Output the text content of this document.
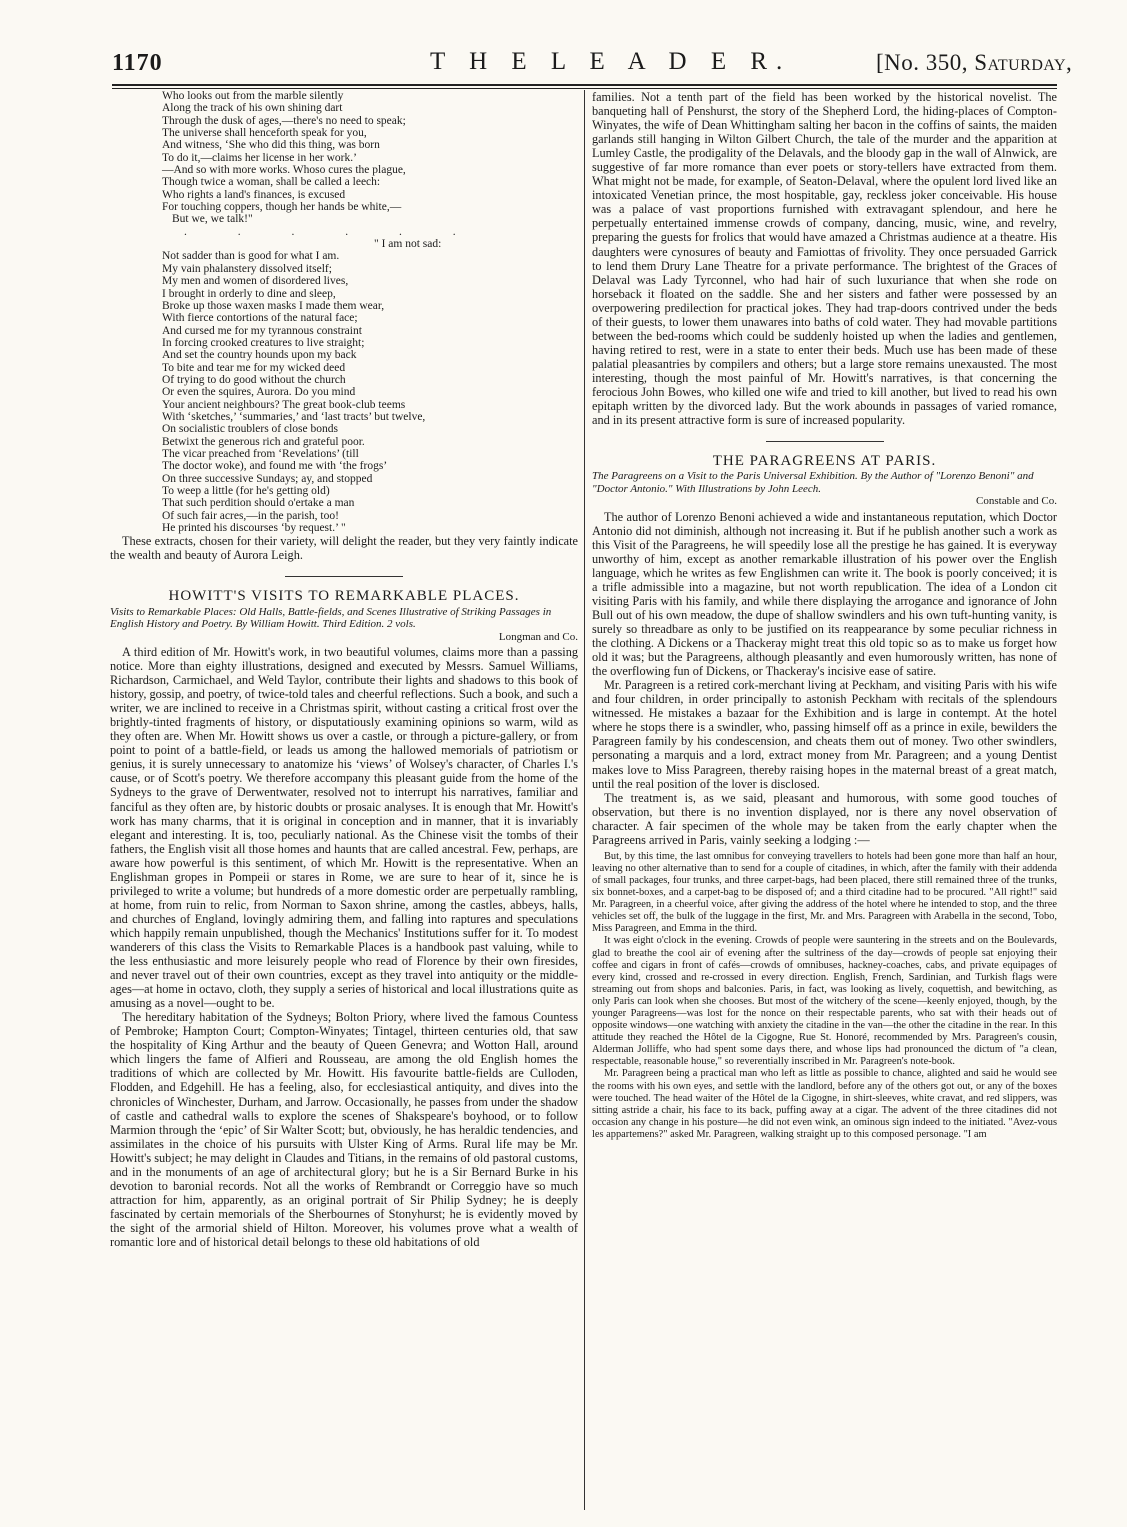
1170	T H E L E A D E R.	[No. 350, Saturday,
Who looks out from the marble silently
Along the track of his own shining dart
Through the dusk of ages,—there's no need to speak;
The universe shall henceforth speak for you,
And witness, ‘She who did this thing, was born
To do it,—claims her license in her work.’
—And so with more works. Whoso cures the plague,
Though twice a woman, shall be called a leech:
Who rights a land's finances, is excused
For touching coppers, though her hands be white,—
But we, we talk!"
. . . . . .
" I am not sad:
Not sadder than is good for what I am.
My vain phalanstery dissolved itself;
My men and women of disordered lives,
I brought in orderly to dine and sleep,
Broke up those waxen masks I made them wear,
With fierce contortions of the natural face;
And cursed me for my tyrannous constraint
In forcing crooked creatures to live straight;
And set the country hounds upon my back
To bite and tear me for my wicked deed
Of trying to do good without the church
Or even the squires, Aurora. Do you mind
Your ancient neighbours? The great book-club teems
With ‘sketches,’ ‘summaries,’ and ‘last tracts’ but twelve,
On socialistic troublers of close bonds
Betwixt the generous rich and grateful poor.
The vicar preached from ‘Revelations’ (till
The doctor woke), and found me with ‘the frogs’
On three successive Sundays; ay, and stopped
To weep a little (for he's getting old)
That such perdition should o'ertake a man
Of such fair acres,—in the parish, too!
He printed his discourses ‘by request.’ "

These extracts, chosen for their variety, will delight the reader, but they very faintly indicate the wealth and beauty of Aurora Leigh.

HOWITT'S VISITS TO REMARKABLE PLACES.
Visits to Remarkable Places: Old Halls, Battle-fields, and Scenes Illustrative of Striking Passages in English History and Poetry. By William Howitt. Third Edition. 2 vols.
Longman and Co.

A third edition of Mr. Howitt's work, in two beautiful volumes, claims more than a passing notice. More than eighty illustrations, designed and executed by Messrs. Samuel Williams, Richardson, Carmichael, and Weld Taylor, contribute their lights and shadows to this book of history, gossip, and poetry, of twice-told tales and cheerful reflections. Such a book, and such a writer, we are inclined to receive in a Christmas spirit, without casting a critical frost over the brightly-tinted fragments of history, or disputatiously examining opinions so warm, wild as they often are. When Mr. Howitt shows us over a castle, or through a picture-gallery, or from point to point of a battle-field, or leads us among the hallowed memorials of patriotism or genius, it is surely unnecessary to anatomize his ‘views’ of Wolsey's character, of Charles I.'s cause, or of Scott's poetry. We therefore accompany this pleasant guide from the home of the Sydneys to the grave of Derwentwater, resolved not to interrupt his narratives, familiar and fanciful as they often are, by historic doubts or prosaic analyses. It is enough that Mr. Howitt's work has many charms, that it is original in conception and in manner, that it is invariably elegant and interesting. It is, too, peculiarly national. As the Chinese visit the tombs of their fathers, the English visit all those homes and haunts that are called ancestral. Few, perhaps, are aware how powerful is this sentiment, of which Mr. Howitt is the representative. When an Englishman gropes in Pompeii or stares in Rome, we are sure to hear of it, since he is privileged to write a volume; but hundreds of a more domestic order are perpetually rambling, at home, from ruin to relic, from Norman to Saxon shrine, among the castles, abbeys, halls, and churches of England, lovingly admiring them, and falling into raptures and speculations which happily remain unpublished, though the Mechanics' Institutions suffer for it. To modest wanderers of this class the Visits to Remarkable Places is a handbook past valuing, while to the less enthusiastic and more leisurely people who read of Florence by their own firesides, and never travel out of their own countries, except as they travel into antiquity or the middle-ages—at home in octavo, cloth, they supply a series of historical and local illustrations quite as amusing as a novel—ought to be.

The hereditary habitation of the Sydneys; Bolton Priory, where lived the famous Countess of Pembroke; Hampton Court; Compton-Winyates; Tintagel, thirteen centuries old, that saw the hospitality of King Arthur and the beauty of Queen Genevra; and Wotton Hall, around which lingers the fame of Alfieri and Rousseau, are among the old English homes the traditions of which are collected by Mr. Howitt. His favourite battle-fields are Culloden, Flodden, and Edgehill. He has a feeling, also, for ecclesiastical antiquity, and dives into the chronicles of Winchester, Durham, and Jarrow. Occasionally, he passes from under the shadow of castle and cathedral walls to explore the scenes of Shakspeare's boyhood, or to follow Marmion through the ‘epic’ of Sir Walter Scott; but, obviously, he has heraldic tendencies, and assimilates in the choice of his pursuits with Ulster King of Arms. Rural life may be Mr. Howitt's subject; he may delight in Claudes and Titians, in the remains of old pastoral customs, and in the monuments of an age of architectural glory; but he is a Sir Bernard Burke in his devotion to baronial records. Not all the works of Rembrandt or Correggio have so much attraction for him, apparently, as an original portrait of Sir Philip Sydney; he is deeply fascinated by certain memorials of the Sherbournes of Stonyhurst; he is evidently moved by the sight of the armorial shield of Hilton. Moreover, his volumes prove what a wealth of romantic lore and of historical detail belongs to these old habitations of old

families. Not a tenth part of the field has been worked by the historical novelist. The banqueting hall of Penshurst, the story of the Shepherd Lord, the hiding-places of Compton-Winyates, the wife of Dean Whittingham salting her bacon in the coffins of saints, the maiden garlands still hanging in Wilton Gilbert Church, the tale of the murder and the apparition at Lumley Castle, the prodigality of the Delavals, and the bloody gap in the wall of Alnwick, are suggestive of far more romance than ever poets or story-tellers have extracted from them. What might not be made, for example, of Seaton-Delaval, where the opulent lord lived like an intoxicated Venetian prince, the most hospitable, gay, reckless joker conceivable. His house was a palace of vast proportions furnished with extravagant splendour, and here he perpetually entertained immense crowds of company, dancing, music, wine, and revelry, preparing the guests for frolics that would have amazed a Christmas audience at a theatre. His daughters were cynosures of beauty and Famiottas of frivolity. They once persuaded Garrick to lend them Drury Lane Theatre for a private performance. The brightest of the Graces of Delaval was Lady Tyrconnel, who had hair of such luxuriance that when she rode on horseback it floated on the saddle. She and her sisters and father were possessed by an overpowering predilection for practical jokes. They had trap-doors contrived under the beds of their guests, to lower them unawares into baths of cold water. They had movable partitions between the bed-rooms which could be suddenly hoisted up when the ladies and gentlemen, having retired to rest, were in a state to enter their beds. Much use has been made of these palatial pleasantries by compilers and others; but a large store remains unexausted. The most interesting, though the most painful of Mr. Howitt's narratives, is that concerning the ferocious John Bowes, who killed one wife and tried to kill another, but lived to read his own epitaph written by the divorced lady. But the work abounds in passages of varied romance, and in its present attractive form is sure of increased popularity.

THE PARAGREENS AT PARIS.
The Paragreens on a Visit to the Paris Universal Exhibition. By the Author of "Lorenzo Benoni" and "Doctor Antonio." With Illustrations by John Leech.
Constable and Co.

The author of Lorenzo Benoni achieved a wide and instantaneous reputation, which Doctor Antonio did not diminish, although not increasing it. But if he publish another such a work as this Visit of the Paragreens, he will speedily lose all the prestige he has gained. It is everyway unworthy of him, except as another remarkable illustration of his power over the English language, which he writes as few Englishmen can write it. The book is poorly conceived; it is a trifle admissible into a magazine, but not worth republication. The idea of a London cit visiting Paris with his family, and while there displaying the arrogance and ignorance of John Bull out of his own meadow, the dupe of shallow swindlers and his own tuft-hunting vanity, is surely so threadbare as only to be justified on its reappearance by some peculiar richness in the clothing. A Dickens or a Thackeray might treat this old topic so as to make us forget how old it was; but the Paragreens, although pleasantly and even humorously written, has none of the overflowing fun of Dickens, or Thackeray's incisive ease of satire.

Mr. Paragreen is a retired cork-merchant living at Peckham, and visiting Paris with his wife and four children, in order principally to astonish Peckham with recitals of the splendours witnessed. He mistakes a bazaar for the Exhibition and is large in contempt. At the hotel where he stops there is a swindler, who, passing himself off as a prince in exile, bewilders the Paragreen family by his condescension, and cheats them out of money. Two other swindlers, personating a marquis and a lord, extract money from Mr. Paragreen; and a young Dentist makes love to Miss Paragreen, thereby raising hopes in the maternal breast of a great match, until the real position of the lover is disclosed.

The treatment is, as we said, pleasant and humorous, with some good touches of observation, but there is no invention displayed, nor is there any novel observation of character. A fair specimen of the whole may be taken from the early chapter when the Paragreens arrived in Paris, vainly seeking a lodging :—

But, by this time, the last omnibus for conveying travellers to hotels had been gone more than half an hour, leaving no other alternative than to send for a couple of citadines, in which, after the family with their addenda of small packages, four trunks, and three carpet-bags, had been placed, there still remained three of the trunks, six bonnet-boxes, and a carpet-bag to be disposed of; and a third citadine had to be procured. "All right!" said Mr. Paragreen, in a cheerful voice, after giving the address of the hotel where he intended to stop, and the three vehicles set off, the bulk of the luggage in the first, Mr. and Mrs. Paragreen with Arabella in the second, Tobo, Miss Paragreen, and Emma in the third.

It was eight o'clock in the evening. Crowds of people were sauntering in the streets and on the Boulevards, glad to breathe the cool air of evening after the sultriness of the day—crowds of people sat enjoying their coffee and cigars in front of cafés—crowds of omnibuses, hackney-coaches, cabs, and private equipages of every kind, crossed and re-crossed in every direction. English, French, Sardinian, and Turkish flags were streaming out from shops and balconies. Paris, in fact, was looking as lively, coquettish, and bewitching, as only Paris can look when she chooses. But most of the witchery of the scene—keenly enjoyed, though, by the younger Paragreens—was lost for the nonce on their respectable parents, who sat with their heads out of opposite windows—one watching with anxiety the citadine in the van—the other the citadine in the rear. In this attitude they reached the Hôtel de la Cigogne, Rue St. Honoré, recommended by Mrs. Paragreen's cousin, Alderman Jolliffe, who had spent some days there, and whose lips had pronounced the dictum of "a clean, respectable, reasonable house," so reverentially inscribed in Mr. Paragreen's note-book.

Mr. Paragreen being a practical man who left as little as possible to chance, alighted and said he would see the rooms with his own eyes, and settle with the landlord, before any of the others got out, or any of the boxes were touched. The head waiter of the Hôtel de la Cigogne, in shirt-sleeves, white cravat, and red slippers, was sitting astride a chair, his face to its back, puffing away at a cigar. The advent of the three citadines did not occasion any change in his posture—he did not even wink, an ominous sign indeed to the initiated. "Avez-vous les appartemens?" asked Mr. Paragreen, walking straight up to this composed personage. "I am
